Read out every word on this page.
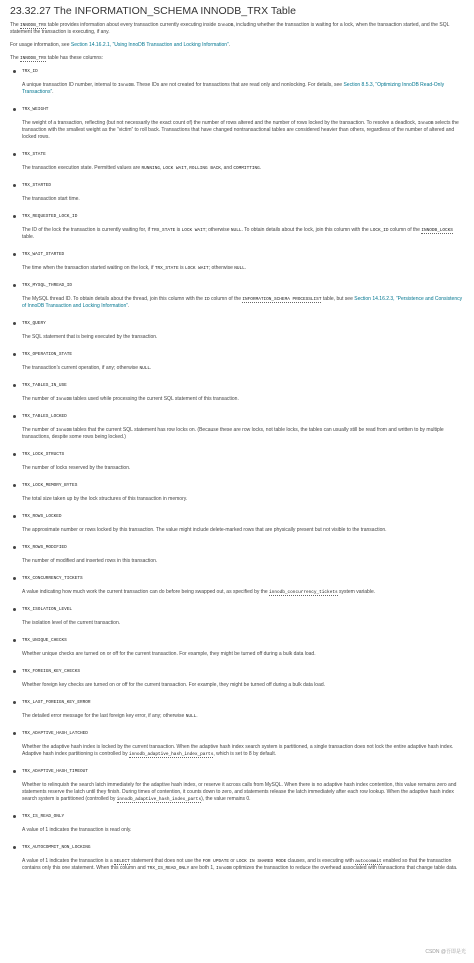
23.32.27 The INFORMATION_SCHEMA INNODB_TRX Table

The INNODB_TRX table provides information about every transaction currently executing inside InnoDB, including whether the transaction is waiting for a lock, when the transaction started, and the SQL statement the transaction is executing, if any.

For usage information, see Section 14.16.2.1, “Using InnoDB Transaction and Locking Information”.

The INNODB_TRX table has these columns:

TRX_ID

A unique transaction ID number, internal to InnoDB. These IDs are not created for transactions that are read only and nonlocking. For details, see Section 8.5.3, “Optimizing InnoDB Read-Only Transactions”.

TRX_WEIGHT

The weight of a transaction, reflecting (but not necessarily the exact count of) the number of rows altered and the number of rows locked by the transaction. To resolve a deadlock, InnoDB selects the transaction with the smallest weight as the “victim” to roll back. Transactions that have changed nontransactional tables are considered heavier than others, regardless of the number of altered and locked rows.

TRX_STATE

The transaction execution state. Permitted values are RUNNING, LOCK WAIT, ROLLING BACK, and COMMITTING.

TRX_STARTED

The transaction start time.

TRX_REQUESTED_LOCK_ID

The ID of the lock the transaction is currently waiting for, if TRX_STATE is LOCK WAIT; otherwise NULL. To obtain details about the lock, join this column with the LOCK_ID column of the INNODB_LOCKS table.

TRX_WAIT_STARTED

The time when the transaction started waiting on the lock, if TRX_STATE is LOCK WAIT; otherwise NULL.

TRX_MYSQL_THREAD_ID

The MySQL thread ID. To obtain details about the thread, join this column with the ID column of the INFORMATION_SCHEMA PROCESSLIST table, but see Section 14.16.2.3, “Persistence and Consistency of InnoDB Transaction and Locking Information”.

TRX_QUERY

The SQL statement that is being executed by the transaction.

TRX_OPERATION_STATE

The transaction’s current operation, if any; otherwise NULL.

TRX_TABLES_IN_USE

The number of InnoDB tables used while processing the current SQL statement of this transaction.

TRX_TABLES_LOCKED

The number of InnoDB tables that the current SQL statement has row locks on. (Because these are row locks, not table locks, the tables can usually still be read from and written to by multiple transactions, despite some rows being locked.)

TRX_LOCK_STRUCTS

The number of locks reserved by the transaction.

TRX_LOCK_MEMORY_BYTES

The total size taken up by the lock structures of this transaction in memory.

TRX_ROWS_LOCKED

The approximate number or rows locked by this transaction. The value might include delete-marked rows that are physically present but not visible to the transaction.

TRX_ROWS_MODIFIED

The number of modified and inserted rows in this transaction.

TRX_CONCURRENCY_TICKETS

A value indicating how much work the current transaction can do before being swapped out, as specified by the innodb_concurrency_tickets system variable.

TRX_ISOLATION_LEVEL

The isolation level of the current transaction.

TRX_UNIQUE_CHECKS

Whether unique checks are turned on or off for the current transaction. For example, they might be turned off during a bulk data load.

TRX_FOREIGN_KEY_CHECKS

Whether foreign key checks are turned on or off for the current transaction. For example, they might be turned off during a bulk data load.

TRX_LAST_FOREIGN_KEY_ERROR

The detailed error message for the last foreign key error, if any; otherwise NULL.

TRX_ADAPTIVE_HASH_LATCHED

Whether the adaptive hash index is locked by the current transaction. When the adaptive hash index search system is partitioned, a single transaction does not lock the entire adaptive hash index. Adaptive hash index partitioning is controlled by innodb_adaptive_hash_index_parts, which is set to 8 by default.

TRX_ADAPTIVE_HASH_TIMEOUT

Whether to relinquish the search latch immediately for the adaptive hash index, or reserve it across calls from MySQL. When there is no adaptive hash index contention, this value remains zero and statements reserve the latch until they finish. During times of contention, it counts down to zero, and statements release the latch immediately after each row lookup. When the adaptive hash index search system is partitioned (controlled by innodb_adaptive_hash_index_parts), the value remains 0.

TRX_IS_READ_ONLY

A value of 1 indicates the transaction is read only.

TRX_AUTOCOMMIT_NON_LOCKING

A value of 1 indicates the transaction is a SELECT statement that does not use the FOR UPDATE or LOCK IN SHARED MODE clauses, and is executing with autocommit enabled so that the transaction contains only this one statement. When this column and TRX_IS_READ_ONLY are both 1, InnoDB optimizes the transaction to reduce the overhead associated with transactions that change table data.

CSDN @吾即是光
